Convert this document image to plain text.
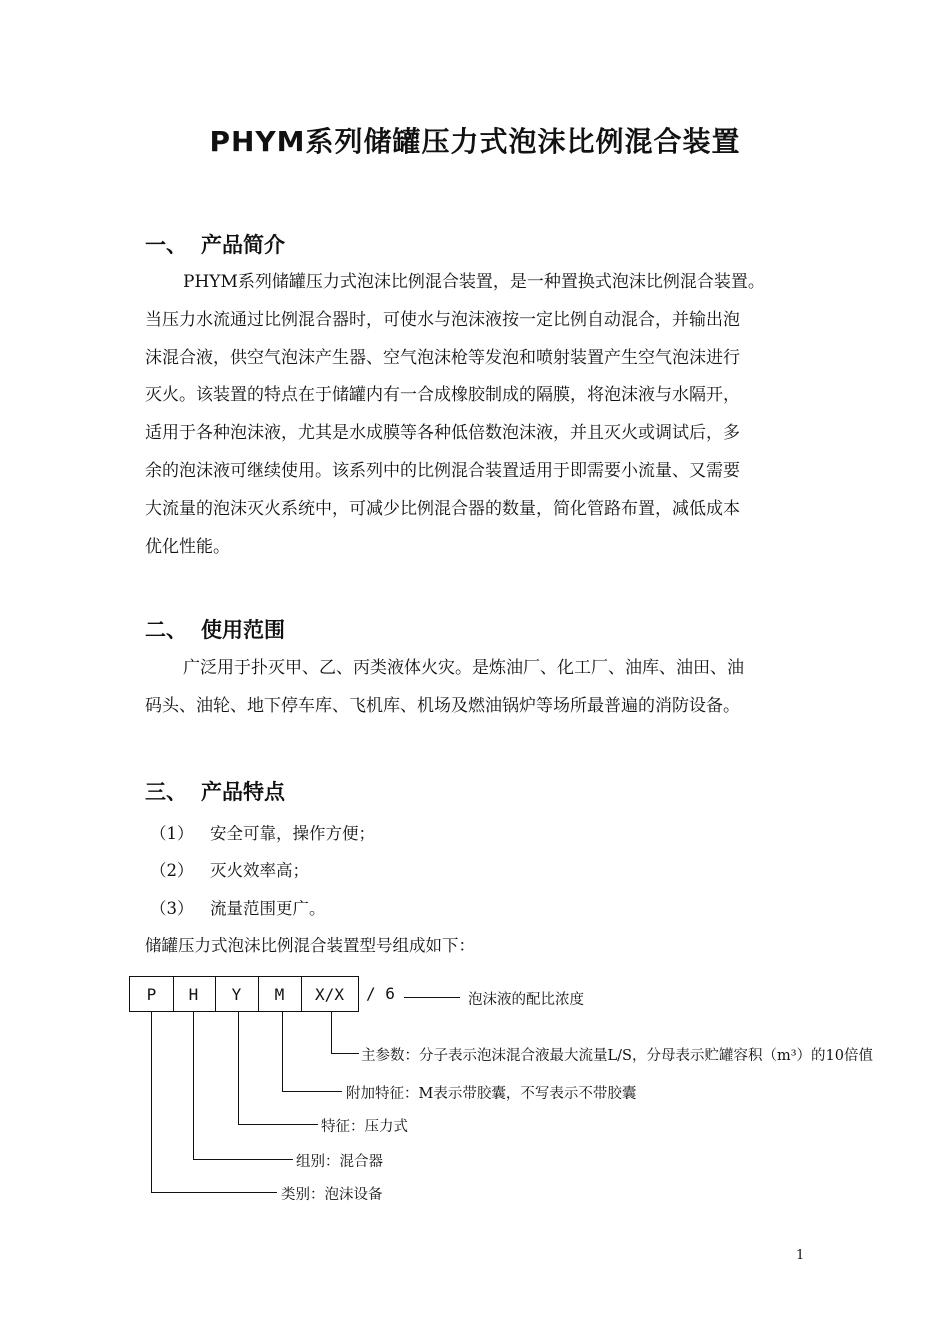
PHYM系列储罐压力式泡沫比例混合装置
一、 产品简介
PHYM系列储罐压力式泡沫比例混合装置，是一种置换式泡沫比例混合装置。
当压力水流通过比例混合器时，可使水与泡沫液按一定比例自动混合，并输出泡
沫混合液，供空气泡沫产生器、空气泡沫枪等发泡和喷射装置产生空气泡沫进行
灭火。该装置的特点在于储罐内有一合成橡胶制成的隔膜，将泡沫液与水隔开，
适用于各种泡沫液，尤其是水成膜等各种低倍数泡沫液，并且灭火或调试后，多
余的泡沫液可继续使用。该系列中的比例混合装置适用于即需要小流量、又需要
大流量的泡沫灭火系统中，可减少比例混合器的数量，简化管路布置，减低成本
优化性能。
二、 使用范围
广泛用于扑灭甲、乙、丙类液体火灾。是炼油厂、化工厂、油库、油田、油
码头、油轮、地下停车库、飞机库、机场及燃油锅炉等场所最普遍的消防设备。
三、 产品特点
（1） 安全可靠，操作方便；
（2） 灭火效率高；
（3） 流量范围更广。
储罐压力式泡沫比例混合装置型号组成如下：
P	H	Y	M	X/X	/ 6	泡沫液的配比浓度
主参数：分子表示泡沫混合液最大流量L/S，分母表示贮罐容积（m³）的10倍值
附加特征：M表示带胶囊，不写表示不带胶囊
特征：压力式
组别：混合器
类别：泡沫设备
1
